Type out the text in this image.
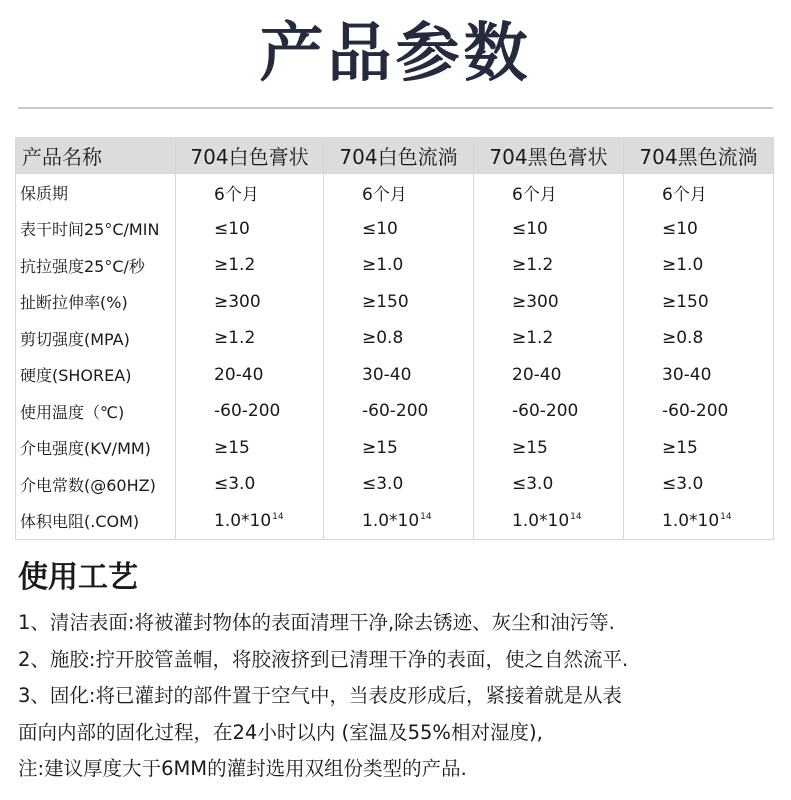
产品参数
产品名称	704白色膏状	704白色流淌	704黑色膏状	704黑色流淌
保质期	6个月	6个月	6个月	6个月
表干时间25°C/MIN	≤10	≤10	≤10	≤10
抗拉强度25°C/秒	≥1.2	≥1.0	≥1.2	≥1.0
扯断拉伸率(%)	≥300	≥150	≥300	≥150
剪切强度(MPA)	≥1.2	≥0.8	≥1.2	≥0.8
硬度(SHOREA)	20-40	30-40	20-40	30-40
使用温度（℃)	-60-200	-60-200	-60-200	-60-200
介电强度(KV/MM)	≥15	≥15	≥15	≥15
介电常数(@60HZ)	≤3.0	≤3.0	≤3.0	≤3.0
体积电阻(.COM)	$1.0*10^{14}$	$1.0*10^{14}$	$1.0*10^{14}$	$1.0*10^{14}$
使用工艺
1、清洁表面:将被灌封物体的表面清理干净,除去锈迹、灰尘和油污等.
2、施胶:拧开胶管盖帽，将胶液挤到已清理干净的表面，使之自然流平.
3、固化:将已灌封的部件置于空气中，当表皮形成后，紧接着就是从表
面向内部的固化过程，在24小时以内 (室温及55%相对湿度),
注:建议厚度大于6MM的灌封选用双组份类型的产品.
